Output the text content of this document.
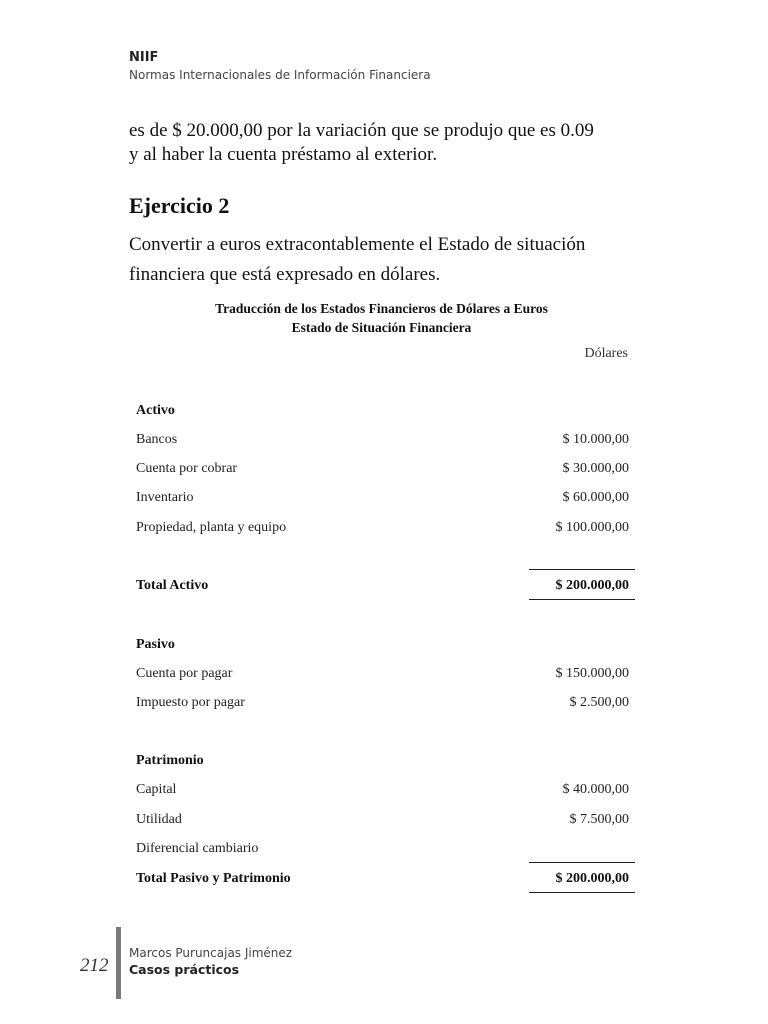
NIIF
Normas Internacionales de Información Financiera
es de $ 20.000,00 por la variación que se produjo que es 0.09
y al haber la cuenta préstamo al exterior.
Ejercicio 2
Convertir a euros extracontablemente el Estado de situación
financiera que está expresado en dólares.
Traducción de los Estados Financieros de Dólares a Euros
Estado de Situación Financiera
Dólares
Activo
Bancos	$ 10.000,00
Cuenta por cobrar	$ 30.000,00
Inventario	$ 60.000,00
Propiedad, planta y equipo	$ 100.000,00
Total Activo	$ 200.000,00
Pasivo
Cuenta por pagar	$ 150.000,00
Impuesto por pagar	$ 2.500,00
Patrimonio
Capital	$ 40.000,00
Utilidad	$ 7.500,00
Diferencial cambiario
Total Pasivo y Patrimonio	$ 200.000,00
212
Marcos Puruncajas Jiménez
Casos prácticos
